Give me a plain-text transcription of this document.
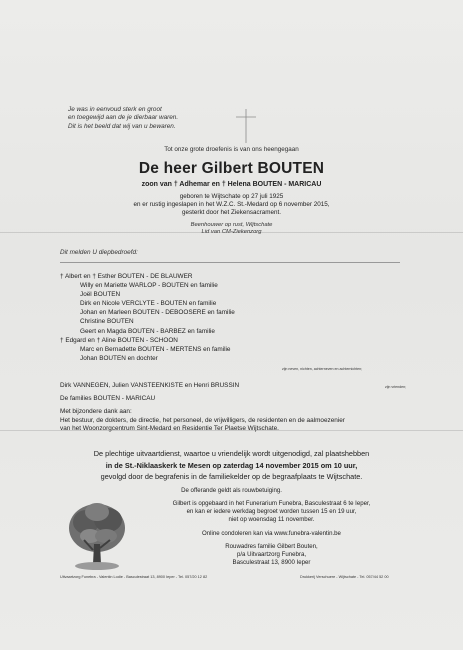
Je was in eenvoud sterk en groot
en toegewijd aan de je dierbaar waren.
Dit is het beeld dat wij van u bewaren.
Tot onze grote droefenis is van ons heengegaan
De heer Gilbert BOUTEN
zoon van † Adhemar en † Helena BOUTEN - MARICAU
geboren te Wijtschate op 27 juli 1925
en er rustig ingeslapen in het W.Z.C. St.-Medard op 6 november 2015,
gesterkt door het Ziekensacrament.
Beenhouwer op rust, Wijtschate
Lid van CM-Ziekenzorg
Dit melden U diepbedroefd:
† Albert en † Esther BOUTEN - DE BLAUWER
Willy en Mariette WARLOP - BOUTEN en familie
Joël BOUTEN
Dirk en Nicole VERCLYTE - BOUTEN en familie
Johan en Marleen BOUTEN - DEBOOSERE en familie
Christine BOUTEN
Geert en Magda BOUTEN - BARBEZ en familie
† Edgard en † Aline BOUTEN - SCHOON
Marc en Bernadette BOUTEN - MERTENS en familie
Johan BOUTEN en dochter
zijn neven, nichten, achterneven en achternichten;
Dirk VANNEGEN, Julien VANSTEENKISTE en Henri BRUSSIN	zijn vrienden;
De families BOUTEN - MARICAU
Met bijzondere dank aan:
Het bestuur, de dokters, de directie, het personeel, de vrijwilligers, de residenten en de aalmoezenier
van het Woonzorgcentrum Sint-Medard en Residentie Ter Plaetse Wijtschate.
De plechtige uitvaartdienst, waartoe u vriendelijk wordt uitgenodigd, zal plaatshebben
in de St.-Niklaaskerk te Mesen op zaterdag 14 november 2015 om 10 uur,
gevolgd door de begrafenis in de familiekelder op de begraafplaats te Wijtschate.
De offerande geldt als rouwbetuiging.
Gilbert is opgebaard in het Funerarium Funebra, Basculestraat 6 te Ieper,
en kan er iedere werkdag begroet worden tussen 15 en 19 uur,
niet op woensdag 11 november.
Online condoleren kan via www.funebra-valentin.be
Rouwadres familie Gilbert Bouten,
p/a Uitvaartzorg Funebra,
Basculestraat 13, 8900 Ieper
Uitvaartzorg Funebra - Valentin Lodie - Basculestraat 13, 8900 Ieper - Tel. 057/20 12 82	Drukkerij Verschuere - Wijtschate - Tel. 057/44 52 00
